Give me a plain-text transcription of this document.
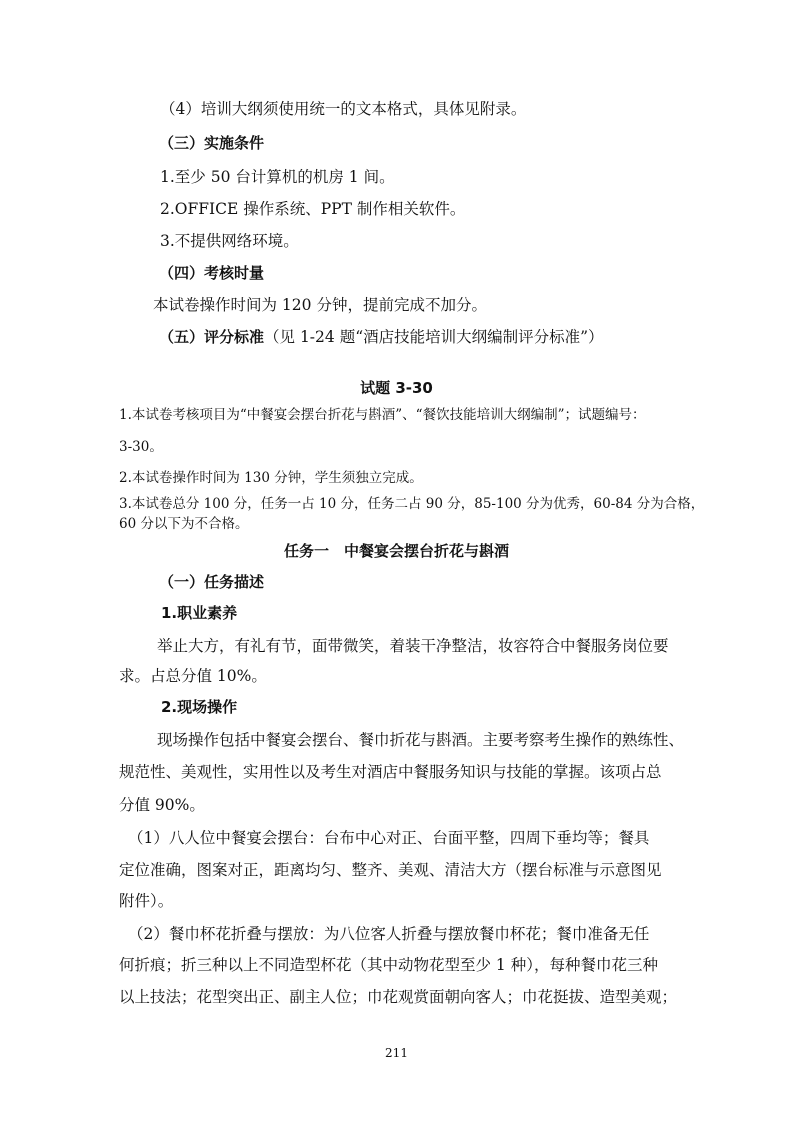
（4）培训大纲须使用统一的文本格式，具体见附录。
（三）实施条件
1.至少 50 台计算机的机房 1 间。
2.OFFICE 操作系统、PPT 制作相关软件。
3.不提供网络环境。
（四）考核时量
本试卷操作时间为 120 分钟，提前完成不加分。
（五）评分标准（见 1-24 题“酒店技能培训大纲编制评分标准”）
试题 3-30
1.本试卷考核项目为“中餐宴会摆台折花与斟酒”、“餐饮技能培训大纲编制”；试题编号：
3-30。
2.本试卷操作时间为 130 分钟，学生须独立完成。
3.本试卷总分 100 分，任务一占 10 分，任务二占 90 分，85-100 分为优秀，60-84 分为合格，
60 分以下为不合格。
任务一　中餐宴会摆台折花与斟酒
（一）任务描述
1.职业素养
举止大方，有礼有节，面带微笑，着装干净整洁，妆容符合中餐服务岗位要
求。占总分值 10%。
2.现场操作
现场操作包括中餐宴会摆台、餐巾折花与斟酒。主要考察考生操作的熟练性、
规范性、美观性，实用性以及考生对酒店中餐服务知识与技能的掌握。该项占总
分值 90%。
（1）八人位中餐宴会摆台：台布中心对正、台面平整，四周下垂均等；餐具
定位准确，图案对正，距离均匀、整齐、美观、清洁大方（摆台标准与示意图见
附件）。
（2）餐巾杯花折叠与摆放：为八位客人折叠与摆放餐巾杯花；餐巾准备无任
何折痕；折三种以上不同造型杯花（其中动物花型至少 1 种），每种餐巾花三种
以上技法；花型突出正、副主人位；巾花观赏面朝向客人；巾花挺拔、造型美观；
211
